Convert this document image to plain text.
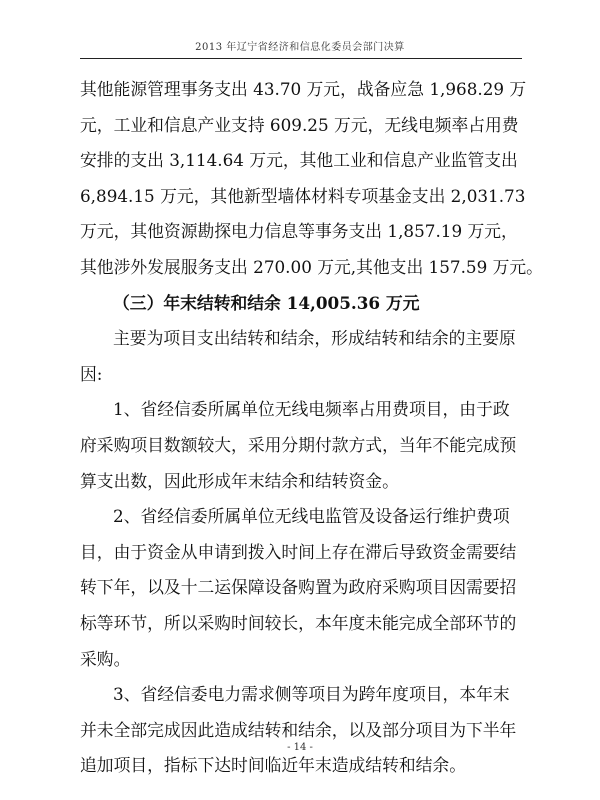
2013 年辽宁省经济和信息化委员会部门决算
其他能源管理事务支出 43.70 万元，战备应急 1,968.29 万
元，工业和信息产业支持 609.25 万元，无线电频率占用费
安排的支出 3,114.64 万元，其他工业和信息产业监管支出
6,894.15 万元，其他新型墙体材料专项基金支出 2,031.73
万元，其他资源勘探电力信息等事务支出 1,857.19 万元，
其他涉外发展服务支出 270.00 万元,其他支出 157.59 万元。
（三）年末结转和结余 14,005.36 万元
主要为项目支出结转和结余，形成结转和结余的主要原
因:
1、省经信委所属单位无线电频率占用费项目，由于政
府采购项目数额较大，采用分期付款方式，当年不能完成预
算支出数，因此形成年末结余和结转资金。
2、省经信委所属单位无线电监管及设备运行维护费项
目，由于资金从申请到拨入时间上存在滞后导致资金需要结
转下年，以及十二运保障设备购置为政府采购项目因需要招
标等环节，所以采购时间较长，本年度未能完成全部环节的
采购。
3、省经信委电力需求侧等项目为跨年度项目，本年末
并未全部完成因此造成结转和结余，以及部分项目为下半年
追加项目，指标下达时间临近年末造成结转和结余。
- 14 -
